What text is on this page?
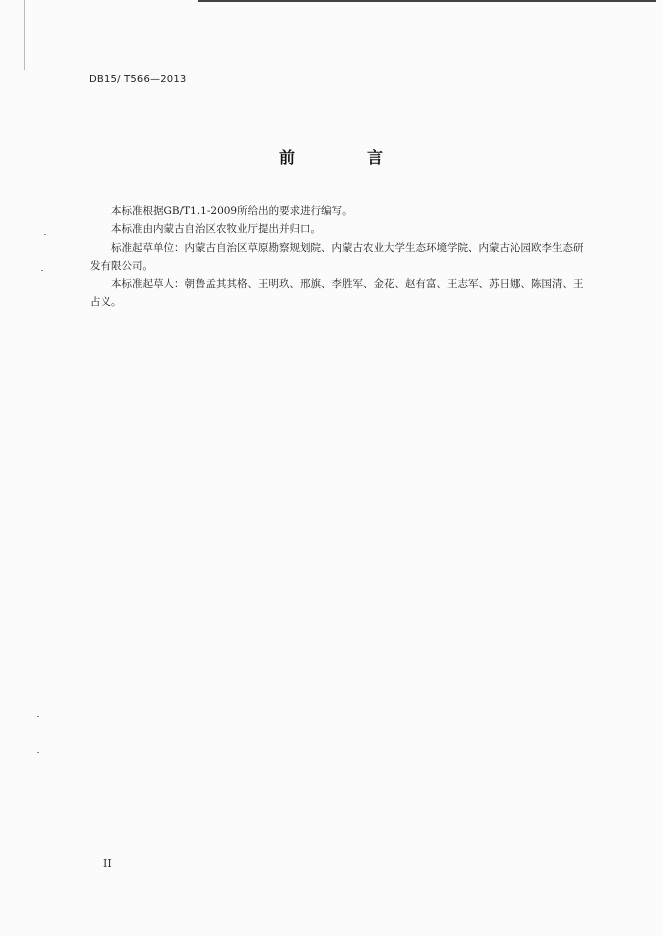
DB15/ T566—2013
前　言

本标准根据GB/T1.1-2009所给出的要求进行编写。

本标准由内蒙古自治区农牧业厅提出并归口。

标准起草单位：内蒙古自治区草原勘察规划院、内蒙古农业大学生态环境学院、内蒙古沁园欧李生态研发有限公司。

本标准起草人：朝鲁孟其其格、王明玖、邢旗、李胜军、金花、赵有富、王志军、苏日娜、陈国清、王占义。

II
